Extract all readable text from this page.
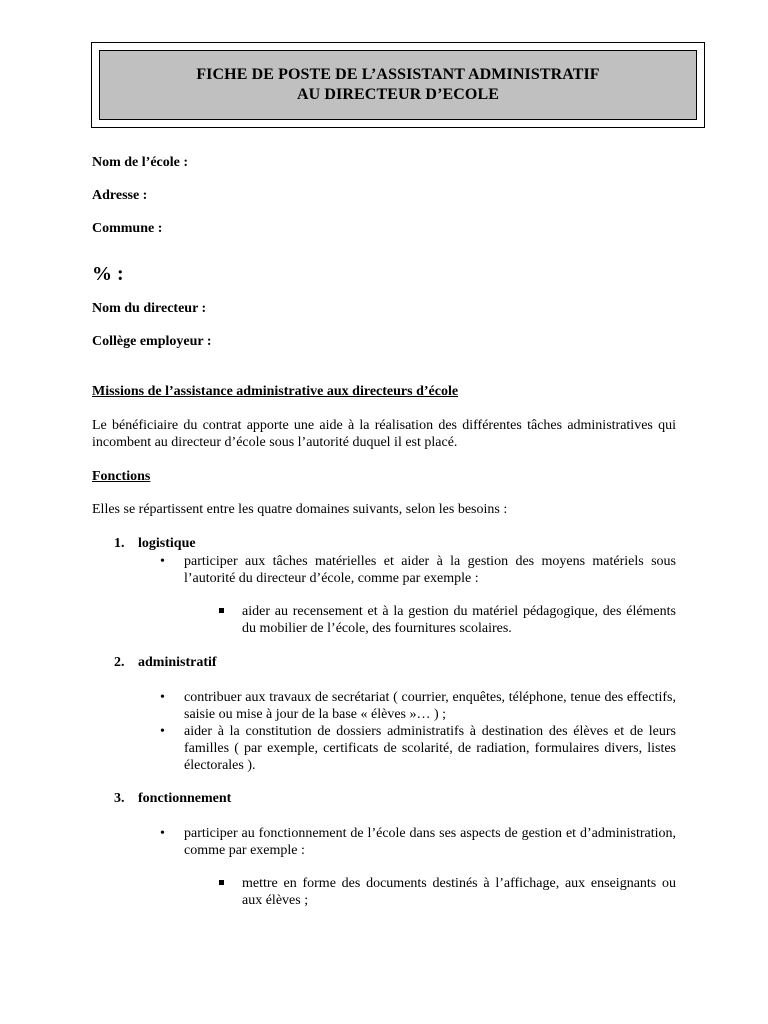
FICHE DE POSTE DE L’ASSISTANT ADMINISTRATIF
AU DIRECTEUR D’ECOLE
Nom de l’école :
Adresse :
Commune :
% :
Nom du directeur :
Collège employeur :
Missions de l’assistance administrative aux directeurs d’école
Le bénéficiaire du contrat apporte une aide à la réalisation des différentes tâches administratives qui incombent au directeur d’école sous l’autorité duquel il est placé.
Fonctions
Elles se répartissent entre les quatre domaines suivants, selon les besoins :
1. logistique
• participer aux tâches matérielles et aider à la gestion des moyens matériels sous l’autorité du directeur d’école, comme par exemple :
aider au recensement et à la gestion du matériel pédagogique, des éléments du mobilier de l’école, des fournitures scolaires.
2. administratif
• contribuer aux travaux de secrétariat ( courrier, enquêtes, téléphone, tenue des effectifs, saisie ou mise à jour de la base « élèves »… ) ;
• aider à la constitution de dossiers administratifs à destination des élèves et de leurs familles ( par exemple, certificats de scolarité, de radiation, formulaires divers, listes électorales ).
3. fonctionnement
• participer au fonctionnement de l’école dans ses aspects de gestion et d’administration, comme par exemple :
mettre en forme des documents destinés à l’affichage, aux enseignants ou aux élèves ;
